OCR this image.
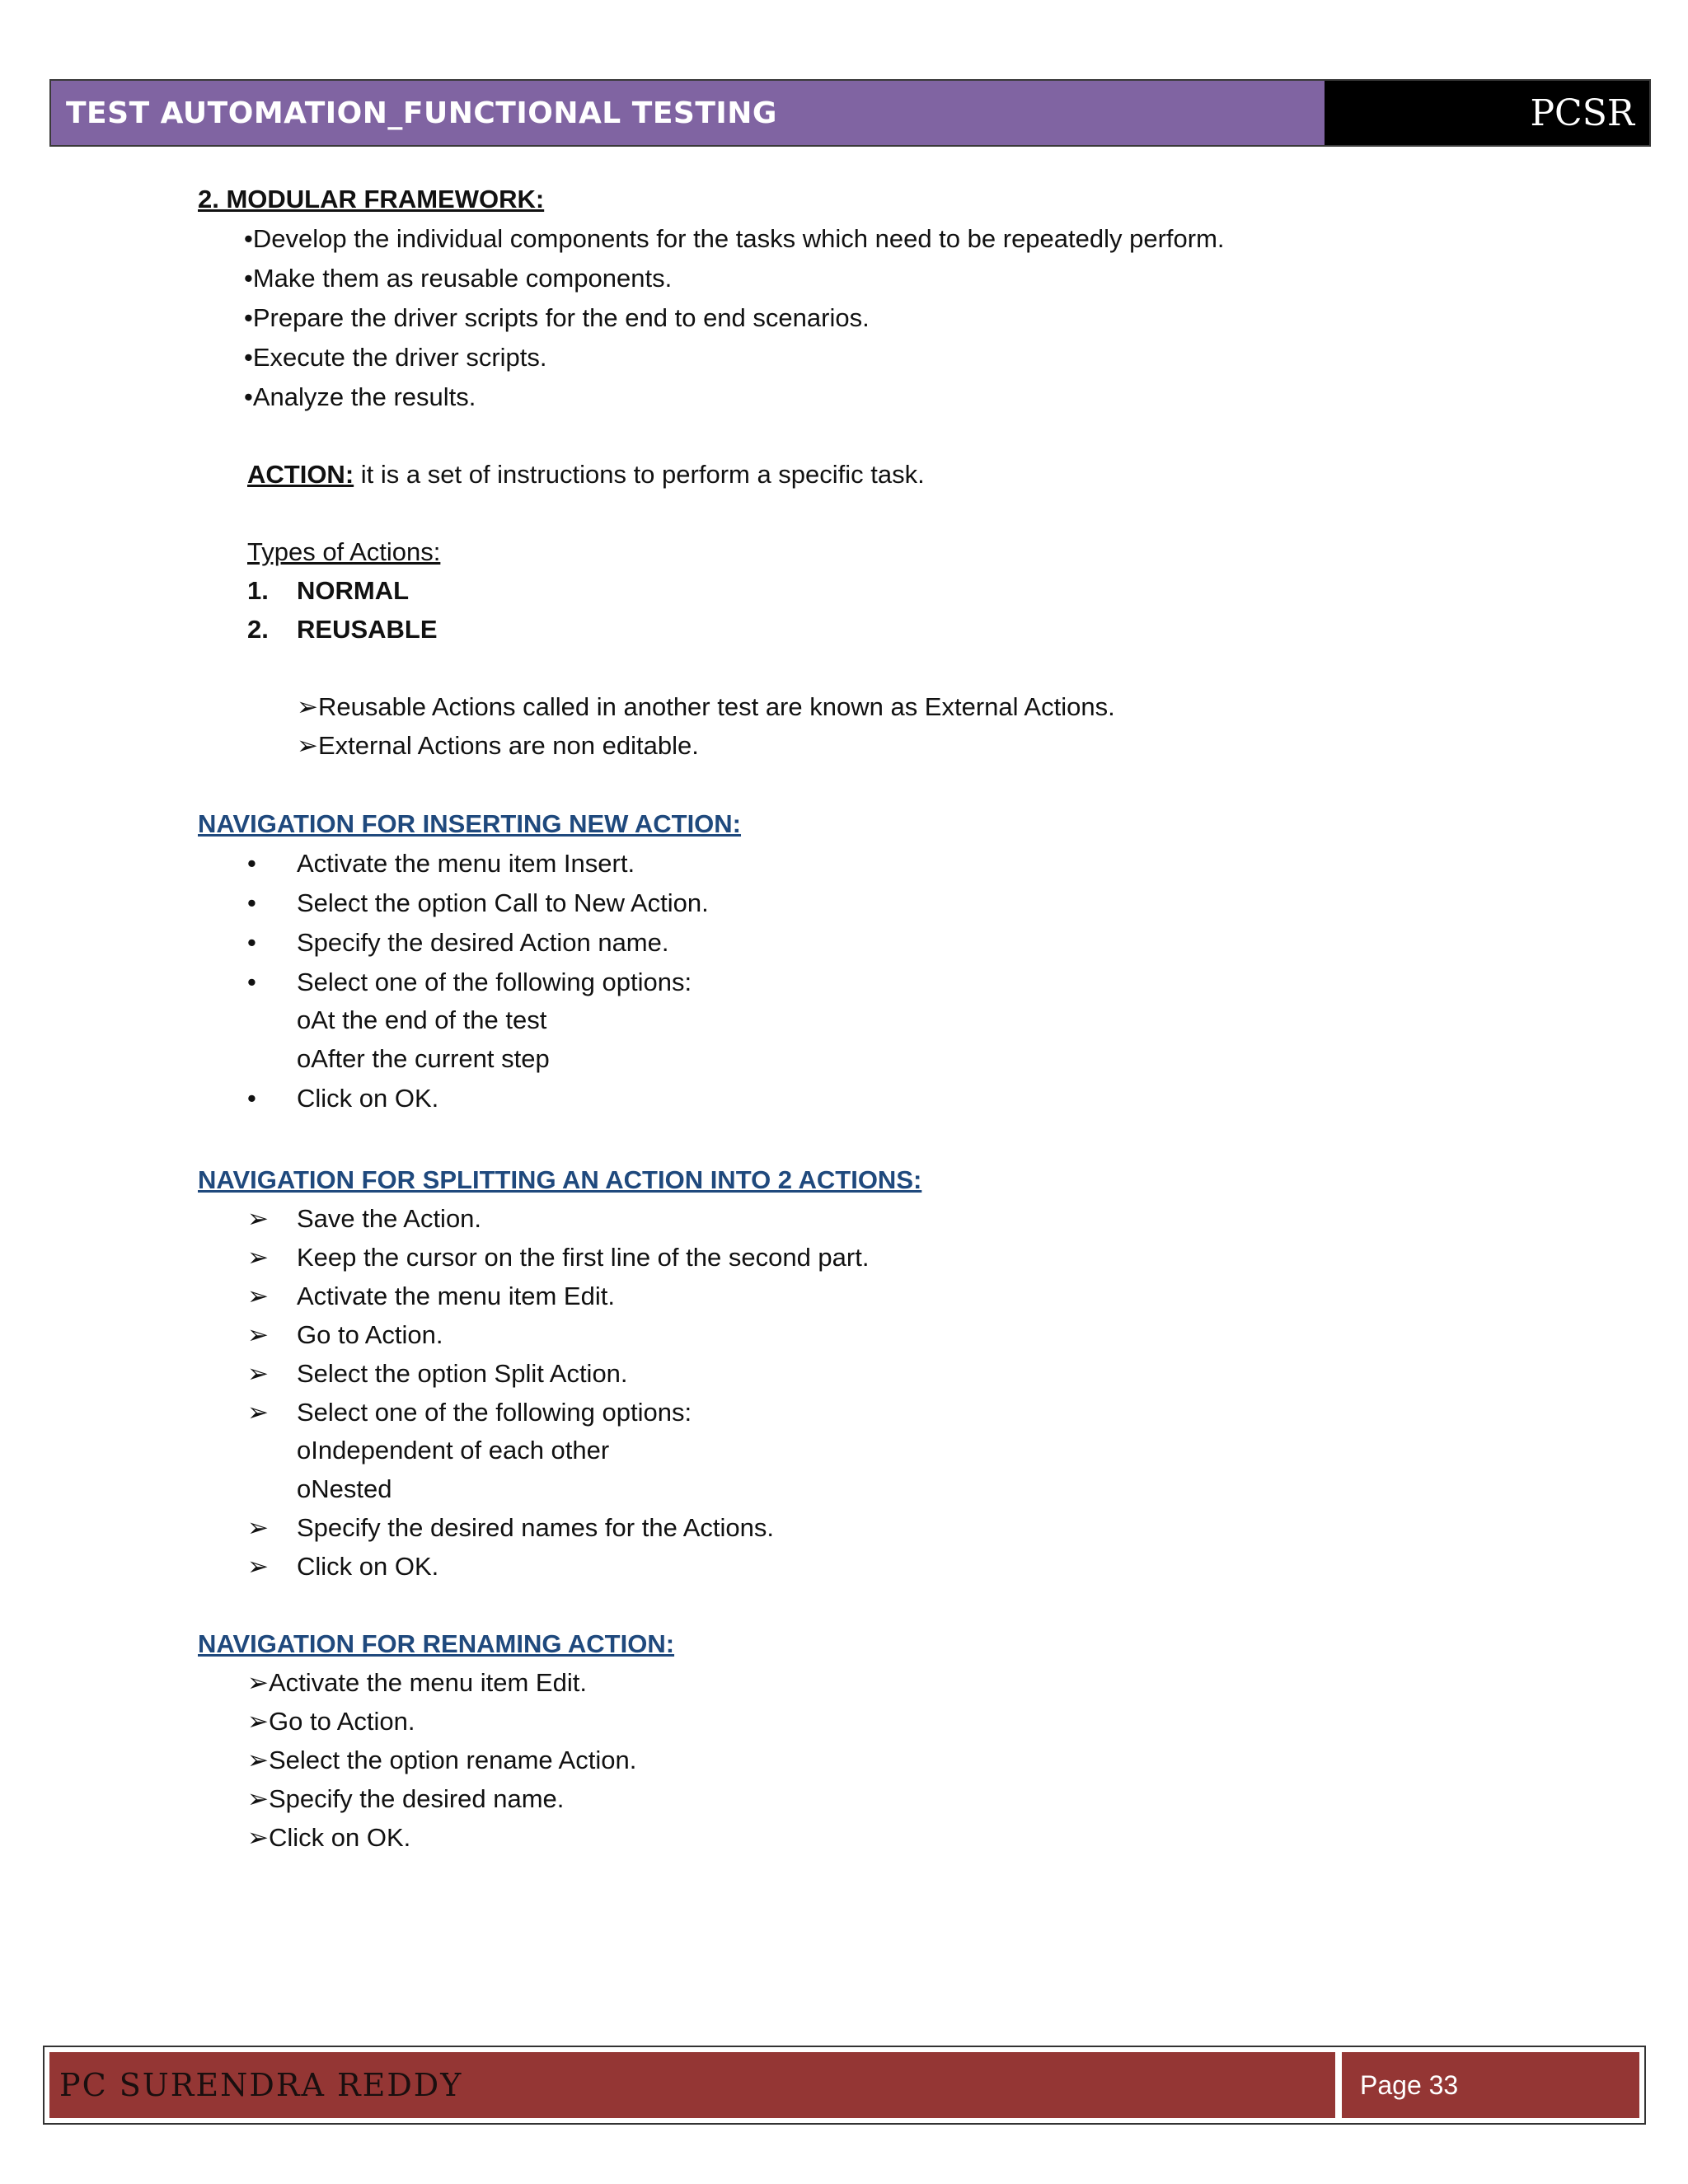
TEST AUTOMATION_FUNCTIONAL TESTING	PCSR
2. MODULAR FRAMEWORK:
•Develop the individual components for the tasks which need to be repeatedly perform.
•Make them as reusable components.
•Prepare the driver scripts for the end to end scenarios.
•Execute the driver scripts.
•Analyze the results.
ACTION: it is a set of instructions to perform a specific task.
Types of Actions:
1. NORMAL
2. REUSABLE
➢Reusable Actions called in another test are known as External Actions.
➢External Actions are non editable.
NAVIGATION FOR INSERTING NEW ACTION:
• Activate the menu item Insert.
• Select the option Call to New Action.
• Specify the desired Action name.
• Select one of the following options:
oAt the end of the test
oAfter the current step
• Click on OK.
NAVIGATION FOR SPLITTING AN ACTION INTO 2 ACTIONS:
➢ Save the Action.
➢ Keep the cursor on the first line of the second part.
➢ Activate the menu item Edit.
➢ Go to Action.
➢ Select the option Split Action.
➢ Select one of the following options:
oIndependent of each other
oNested
➢ Specify the desired names for the Actions.
➢ Click on OK.
NAVIGATION FOR RENAMING ACTION:
➢Activate the menu item Edit.
➢Go to Action.
➢Select the option rename Action.
➢Specify the desired name.
➢Click on OK.
PC SURENDRA REDDY	Page 33
